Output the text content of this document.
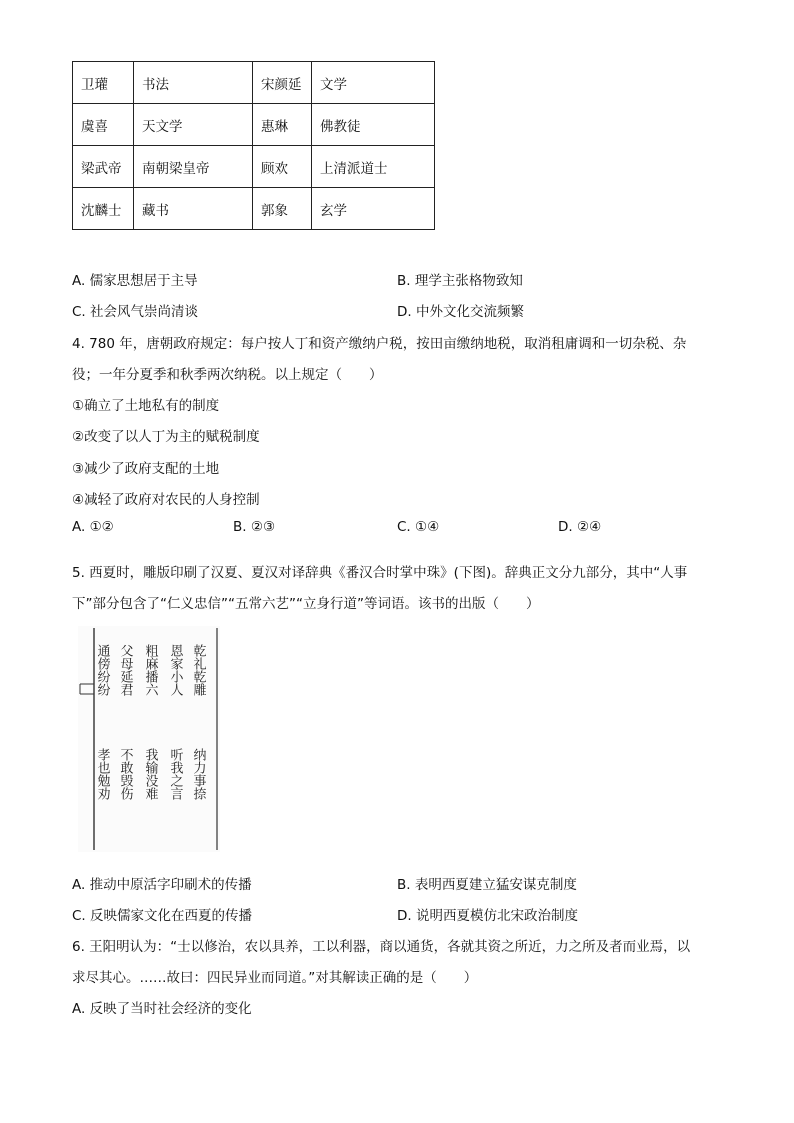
卫瓘	书法	宋颜延	文学
虞喜	天文学	惠琳	佛教徒
梁武帝	南朝梁皇帝	顾欢	上清派道士
沈麟士	藏书	郭象	玄学
A. 儒家思想居于主导	B. 理学主张格物致知
C. 社会风气崇尚清谈	D. 中外文化交流频繁
4. 780 年，唐朝政府规定：每户按人丁和资产缴纳户税，按田亩缴纳地税，取消租庸调和一切杂税、杂
役；一年分夏季和秋季两次纳税。以上规定（　　）
①确立了土地私有的制度
②改变了以人丁为主的赋税制度
③减少了政府支配的土地
④减轻了政府对农民的人身控制
A. ①②	B. ②③	C. ①④	D. ②④
5. 西夏时，雕版印刷了汉夏、夏汉对译辞典《番汉合时掌中珠》(下图)。辞典正文分九部分，其中“人事
下”部分包含了“仁义忠信”“五常六艺”“立身行道”等词语。该书的出版（　　）
乾礼乾雕
恩家小人
粗麻播六
父母延君
通傍纷纷
纳力事捺
听我之言
我输没难
不敢毁伤
孝也勉劝
A. 推动中原活字印刷术的传播	B. 表明西夏建立猛安谋克制度
C. 反映儒家文化在西夏的传播	D. 说明西夏模仿北宋政治制度
6. 王阳明认为：“士以修治，农以具养，工以利器，商以通货，各就其资之所近，力之所及者而业焉，以
求尽其心。……故曰：四民异业而同道。”对其解读正确的是（　　）
A. 反映了当时社会经济的变化
